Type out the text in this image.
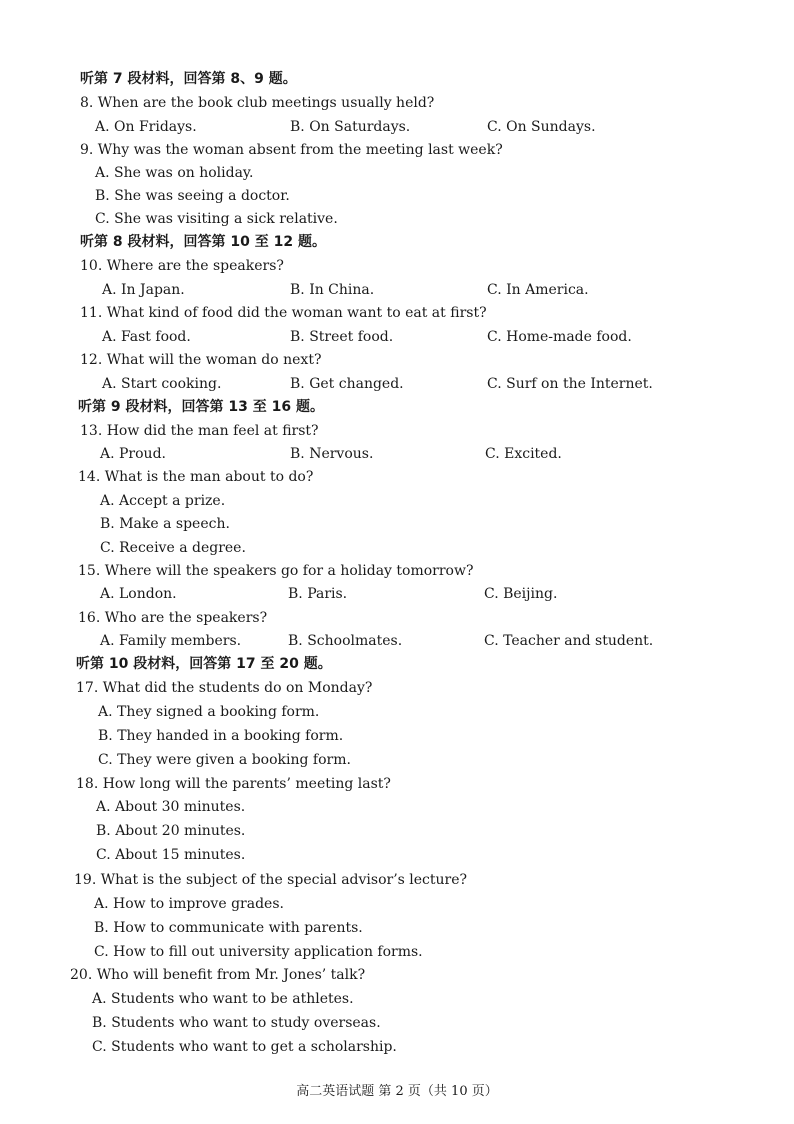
听第 7 段材料，回答第 8、9 题。
8. When are the book club meetings usually held?
A. On Fridays.	B. On Saturdays.	C. On Sundays.
9. Why was the woman absent from the meeting last week?
A. She was on holiday.
B. She was seeing a doctor.
C. She was visiting a sick relative.
听第 8 段材料，回答第 10 至 12 题。
10. Where are the speakers?
A. In Japan.	B. In China.	C. In America.
11. What kind of food did the woman want to eat at first?
A. Fast food.	B. Street food.	C. Home-made food.
12. What will the woman do next?
A. Start cooking.	B. Get changed.	C. Surf on the Internet.
听第 9 段材料，回答第 13 至 16 题。
13. How did the man feel at first?
A. Proud.	B. Nervous.	C. Excited.
14. What is the man about to do?
A. Accept a prize.
B. Make a speech.
C. Receive a degree.
15. Where will the speakers go for a holiday tomorrow?
A. London.	B. Paris.	C. Beijing.
16. Who are the speakers?
A. Family members.	B. Schoolmates.	C. Teacher and student.
听第 10 段材料，回答第 17 至 20 题。
17. What did the students do on Monday?
A. They signed a booking form.
B. They handed in a booking form.
C. They were given a booking form.
18. How long will the parents’ meeting last?
A. About 30 minutes.
B. About 20 minutes.
C. About 15 minutes.
19. What is the subject of the special advisor’s lecture?
A. How to improve grades.
B. How to communicate with parents.
C. How to fill out university application forms.
20. Who will benefit from Mr. Jones’ talk?
A. Students who want to be athletes.
B. Students who want to study overseas.
C. Students who want to get a scholarship.
高二英语试题 第 2 页（共 10 页）
